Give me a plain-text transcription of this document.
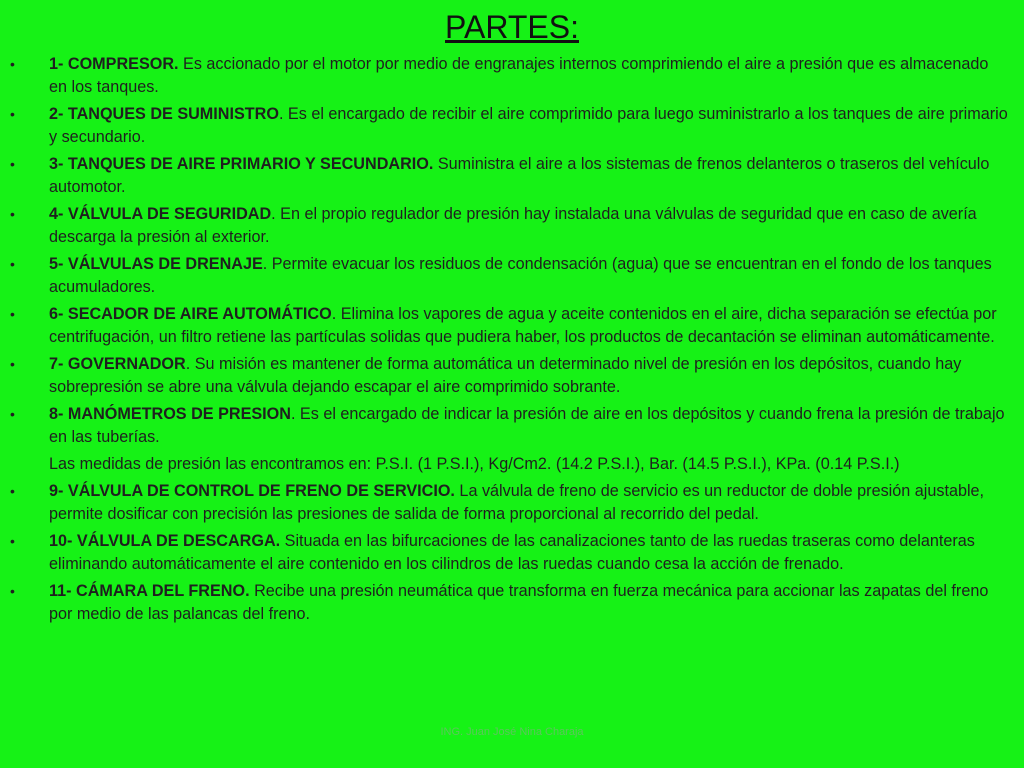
PARTES:
• 1- COMPRESOR. Es accionado por el motor por medio de engranajes internos comprimiendo el aire a presión que es almacenado en los tanques.
• 2- TANQUES DE SUMINISTRO. Es el encargado de recibir el aire comprimido para luego suministrarlo a los tanques de aire primario y secundario.
• 3- TANQUES DE AIRE PRIMARIO Y SECUNDARIO. Suministra el aire a los sistemas de frenos delanteros o traseros del vehículo automotor.
• 4- VÁLVULA DE SEGURIDAD. En el propio regulador de presión hay instalada una válvulas de seguridad que en caso de avería descarga la presión al exterior.
• 5- VÁLVULAS DE DRENAJE. Permite evacuar los residuos de condensación (agua) que se encuentran en el fondo de los tanques acumuladores.
• 6- SECADOR DE AIRE AUTOMÁTICO. Elimina los vapores de agua y aceite contenidos en el aire, dicha separación se efectúa por centrifugación, un filtro retiene las partículas solidas que pudiera haber, los productos de decantación se eliminan automáticamente.
• 7- GOVERNADOR. Su misión es mantener de forma automática un determinado nivel de presión en los depósitos, cuando hay sobrepresión se abre una válvula dejando escapar el aire comprimido sobrante.
• 8- MANÓMETROS DE PRESION. Es el encargado de indicar la presión de aire en los depósitos y cuando frena la presión de trabajo en las tuberías.
Las medidas de presión las encontramos en: P.S.I. (1 P.S.I.), Kg/Cm2. (14.2 P.S.I.), Bar. (14.5 P.S.I.), KPa. (0.14 P.S.I.)
• 9- VÁLVULA DE CONTROL DE FRENO DE SERVICIO. La válvula de freno de servicio es un reductor de doble presión ajustable, permite dosificar con precisión las presiones de salida de forma proporcional al recorrido del pedal.
• 10- VÁLVULA DE DESCARGA. Situada en las bifurcaciones de las canalizaciones tanto de las ruedas traseras como delanteras eliminando automáticamente el aire contenido en los cilindros de las ruedas cuando cesa la acción de frenado.
• 11- CÁMARA DEL FRENO. Recibe una presión neumática que transforma en fuerza mecánica para accionar las zapatas del freno por medio de las palancas del freno.
ING. Juan José Nina Charaja
